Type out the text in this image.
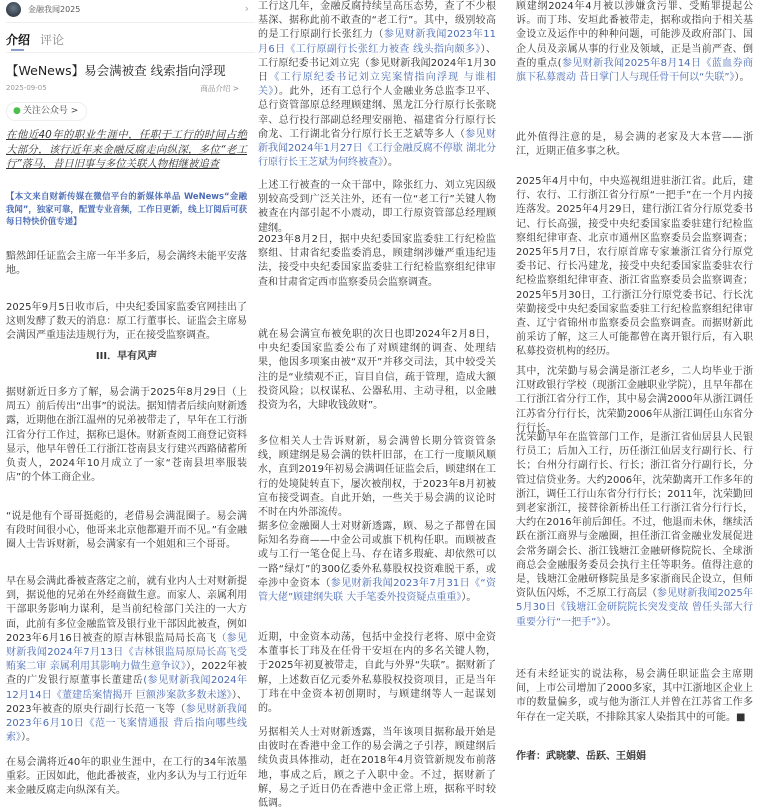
金融我闻2025	›
介绍 评论
【WeNews】易会满被查 线索指向浮现
2025-09-05	商品介绍 >
● 关注公众号 >
在他近40年的职业生涯中，任职于工行的时间占绝大部分，该行近年来金融反腐走向纵深，多位“老工行”落马，昔日旧事与多位关联人物相继被追查
【本文来自财新传媒在微信平台的新媒体单品 WeNews“金融我闻”，独家可靠，配置专业音频，工作日更新，线上订阅后可获每日特快价值专递】
黯然卸任证监会主席一年半多后，易会满终未能平安落地。
2025年9月5日收市后，中央纪委国家监委官网挂出了这则发酵了数天的消息：原工行董事长、证监会主席易会满因严重违法违规行为，正在接受监察调查。
III．早有风声
据财新近日多方了解，易会满于2025年8月29日（上周五）前后传出“出事”的说法。据知情者后续向财新透露，近期他在浙江温州的兄弟被带走了，早年在工行浙江省分行工作过，据称已退休。财新查阅工商登记资料显示，他早年曾任工行浙江苍南县支行建兴西路储蓄所负责人，2024年10月成立了一家“苍南县坦率服装店”的个体工商企业。
“说是他有个哥哥挺彪的，老借易会满混圈子。易会满有段时间很小心，他哥来北京他都避开而不见。”有金融圈人士告诉财新，易会满家有一个姐姐和三个哥哥。
早在易会满此番被查落定之前，就有业内人士对财新提到，据说他的兄弟在外经商做生意。而家人、亲属利用干部职务影响力谋利，是当前纪检部门关注的一大方面，此前有多位金融监管及银行业干部因此被查，例如2023年6月16日被查的原吉林银监局局长高飞（参见财新我闻2024年7月13日《吉林银监局原局长高飞受贿案二审 亲属利用其影响力做生意争议》），2022年被查的广发银行原董事长董建岳(参见财新我闻2024年12月14日《董建岳案情揭开 巨额涉案款多数未遂》）、2023年被查的原央行副行长范一飞等（参见财新我闻2023年6月10日《范一飞案情通报 背后指向哪些线索》）。
在易会满将近40年的职业生涯中，在工行的34年浓墨重彩。正因如此，他此番被查，业内多认为与工行近年来金融反腐走向纵深有关。
工行这几年，金融反腐持续呈高压态势，查了不少根基深、据称此前不敢查的“老工行”。其中，级别较高的是工行原副行长张红力（参见财新我闻2023年11月6日《工行原副行长张红力被查 线头指向颇多》）、工行原纪委书记刘立宪（参见财新我闻2024年1月30日《工行原纪委书记刘立宪案情指向浮现 与谁相关》）。此外，还有工总行个人金融业务总监李卫平、总行资管部原总经理顾建纲、黑龙江分行原行长张晓幸、总行投行部副总经理安丽艳、福建省分行原行长俞龙、工行湖北省分行原行长王芝斌等多人（参见财新我闻2024年1月27日《工行金融反腐不停歇 湖北分行原行长王芝斌为何终被查》）。
上述工行被查的一众干部中，除张红力、刘立宪因级别较高受到广泛关注外，还有一位“老工行”关键人物被查在内部引起不小震动，即工行原资管部总经理顾建纲。
2023年8月2日，据中央纪委国家监委驻工行纪检监察组、甘肃省纪委监委消息，顾建纲涉嫌严重违纪违法，接受中央纪委国家监委驻工行纪检监察组纪律审查和甘肃省定西市监察委员会监察调查。
就在易会满宣布被免职的次日也即2024年2月8日，中央纪委国家监委公布了对顾建纲的调查、处理结果，他因多项案由被“双开”并移交司法，其中较受关注的是“业绩观不正，盲目自信，疏于管理，造成大额投资风险；以权谋私、公器私用、主动寻租，以金融投资为名，大肆收钱敛财”。
多位相关人士告诉财新，易会满曾长期分管资管条线，顾建纲是易会满的铁杆旧部，在工行一度顺风顺水，直到2019年初易会满调任证监会后，顾建纲在工行的处境陡转直下，屡次被削权，于2023年8月初被宣布接受调查。自此开始，一些关于易会满的议论时不时在内外部流传。
据多位金融圈人士对财新透露，顾、易之子都曾在国际知名券商——中金公司或旗下机构任职。而顾被查或与工行一笔仓促上马、存在诸多瑕疵、却依然可以一路“绿灯”的300亿委外私募股权投资难脱干系，或牵涉中金资本（参见财新我闻2023年7月31日《“资管大佬”顾建纲失联 大手笔委外投资疑点重重》）。
近期，中金资本动荡，包括中金投行老将、原中金资本董事长丁玮及在任骨干安垣在内的多名关键人物，于2025年初夏被带走，自此与外界“失联”。据财新了解，上述数百亿元委外私募股权投资项目，正是当年丁玮在中金资本初创期时，与顾建纲等人一起谋划的。
另据相关人士对财新透露，当年该项目据称最开始是由彼时在香港中金工作的易会满之子引荐，顾建纲后续负责具体推动，赶在2018年4月资管新规发布前落地，事成之后，顾之子入职中金。不过，据财新了解，易之子近日仍在香港中金正常上班，据称平时较低调。
顾建纲2024年4月被以涉嫌贪污罪、受贿罪提起公诉。而丁玮、安垣此番被带走，据称或指向于相关基金设立及运作中的种种问题，可能涉及政府部门、国企人员及亲属从事的行业及领域，正是当前严查、倒查的重点(参见财新我闻2025年8月14日《蓝血券商旗下私募震动 昔日掌门人与现任骨干何以“失联”》）。
此外值得注意的是，易会满的老家及大本营——浙江，近期正值多事之秋。
2025年4月中旬，中央巡视组进驻浙江省。此后，建行、农行、工行浙江省分行原“一把手”在一个月内接连落发。2025年4月29日，建行浙江省分行原党委书记、行长高强，接受中央纪委国家监委驻建行纪检监察组纪律审查、北京市通州区监察委员会监察调查；2025年5月7日，农行原首席专家兼浙江省分行原党委书记、行长冯建龙，接受中央纪委国家监委驻农行纪检监察组纪律审查、浙江省监察委员会监察调查；2025年5月30日，工行浙江分行原党委书记、行长沈荣勤接受中央纪委国家监委驻工行纪检监察组纪律审查、辽宁省锦州市监察委员会监察调查。而据财新此前采访了解，这三人可能都曾在离开银行后，有入职私募投资机构的经历。
其中，沈荣勤与易会满是浙江老乡，二人均毕业于浙江财政银行学校（现浙江金融职业学院），且早年都在工行浙江省分行工作，其中易会满2000年从浙江调任江苏省分行行长，沈荣勤2006年从浙江调任山东省分行行长。
沈荣勤早年在监管部门工作，是浙江省仙居县人民银行员工；后加入工行，历任浙江仙居支行副行长、行长；台州分行副行长、行长；浙江省分行副行长，分管过信贷业务。大约2006年，沈荣勤离开工作多年的浙江，调任工行山东省分行行长；2011年，沈荣勤回到老家浙江，接替徐新桥出任工行浙江省分行行长，大约在2016年前后卸任。不过，他退而未休，继续活跃在浙江商界与金融圈，担任浙江省金融业发展促进会常务副会长、浙江钱塘江金融研修院院长、全球浙商总会金融服务委员会执行主任等职务。值得注意的是，钱塘江金融研修院虽是多家浙商民企设立，但师资队伍闪烁，不乏原工行高层（参见财新我闻2025年5月30日《钱塘江金研院院长突发变故 曾任头部大行重要分行“一把手”》）。
还有未经证实的说法称，易会满任职证监会主席期间，上市公司增加了2000多家，其中江浙地区企业上市的数量偏多，或与他为浙江人并曾在江苏省工作多年存在一定关联，不排除其家人染指其中的可能。■
作者：武晓蒙、岳跃、王娟娟
